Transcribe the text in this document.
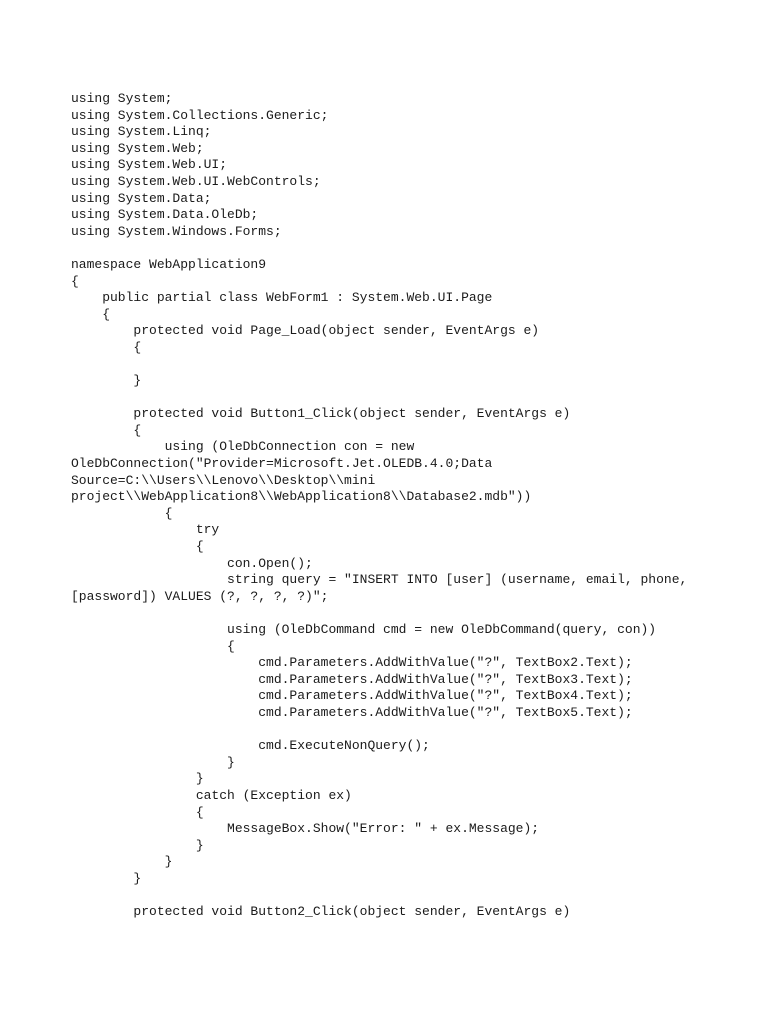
using System;
using System.Collections.Generic;
using System.Linq;
using System.Web;
using System.Web.UI;
using System.Web.UI.WebControls;
using System.Data;
using System.Data.OleDb;
using System.Windows.Forms;
namespace WebApplication9
{
public partial class WebForm1 : System.Web.UI.Page
{
protected void Page_Load(object sender, EventArgs e)
{
}
protected void Button1_Click(object sender, EventArgs e)
{
using (OleDbConnection con = new
OleDbConnection("Provider=Microsoft.Jet.OLEDB.4.0;Data
Source=C:\\Users\\Lenovo\\Desktop\\mini
project\\WebApplication8\\WebApplication8\\Database2.mdb"))
{
try
{
con.Open();
string query = "INSERT INTO [user] (username, email, phone,
[password]) VALUES (?, ?, ?, ?)";
using (OleDbCommand cmd = new OleDbCommand(query, con))
{
cmd.Parameters.AddWithValue("?", TextBox2.Text);
cmd.Parameters.AddWithValue("?", TextBox3.Text);
cmd.Parameters.AddWithValue("?", TextBox4.Text);
cmd.Parameters.AddWithValue("?", TextBox5.Text);
cmd.ExecuteNonQuery();
}
}
catch (Exception ex)
{
MessageBox.Show("Error: " + ex.Message);
}
}
}
protected void Button2_Click(object sender, EventArgs e)
